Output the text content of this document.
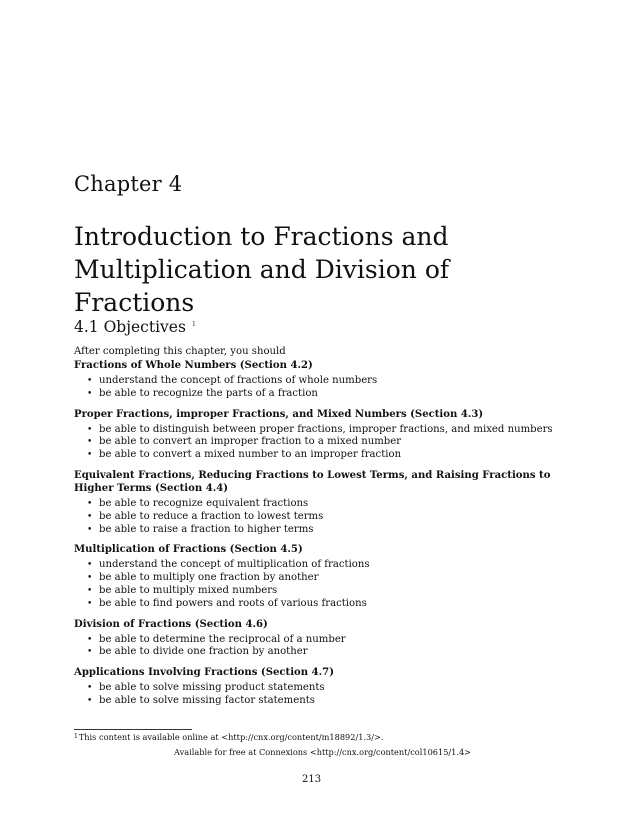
Chapter 4
Introduction to Fractions and Multiplication and Division of Fractions
4.1 Objectives $^1$

After completing this chapter, you should

Fractions of Whole Numbers (Section 4.2)

• understand the concept of fractions of whole numbers
• be able to recognize the parts of a fraction

Proper Fractions, improper Fractions, and Mixed Numbers (Section 4.3)

• be able to distinguish between proper fractions, improper fractions, and mixed numbers
• be able to convert an improper fraction to a mixed number
• be able to convert a mixed number to an improper fraction

Equivalent Fractions, Reducing Fractions to Lowest Terms, and Raising Fractions to Higher Terms (Section 4.4)

• be able to recognize equivalent fractions
• be able to reduce a fraction to lowest terms
• be able to raise a fraction to higher terms

Multiplication of Fractions (Section 4.5)

• understand the concept of multiplication of fractions
• be able to multiply one fraction by another
• be able to multiply mixed numbers
• be able to find powers and roots of various fractions

Division of Fractions (Section 4.6)

• be able to determine the reciprocal of a number
• be able to divide one fraction by another

Applications Involving Fractions (Section 4.7)

• be able to solve missing product statements
• be able to solve missing factor statements
$^1$This content is available online at <http://cnx.org/content/m18892/1.3/>.
Available for free at Connexions <http://cnx.org/content/col10615/1.4>
213
